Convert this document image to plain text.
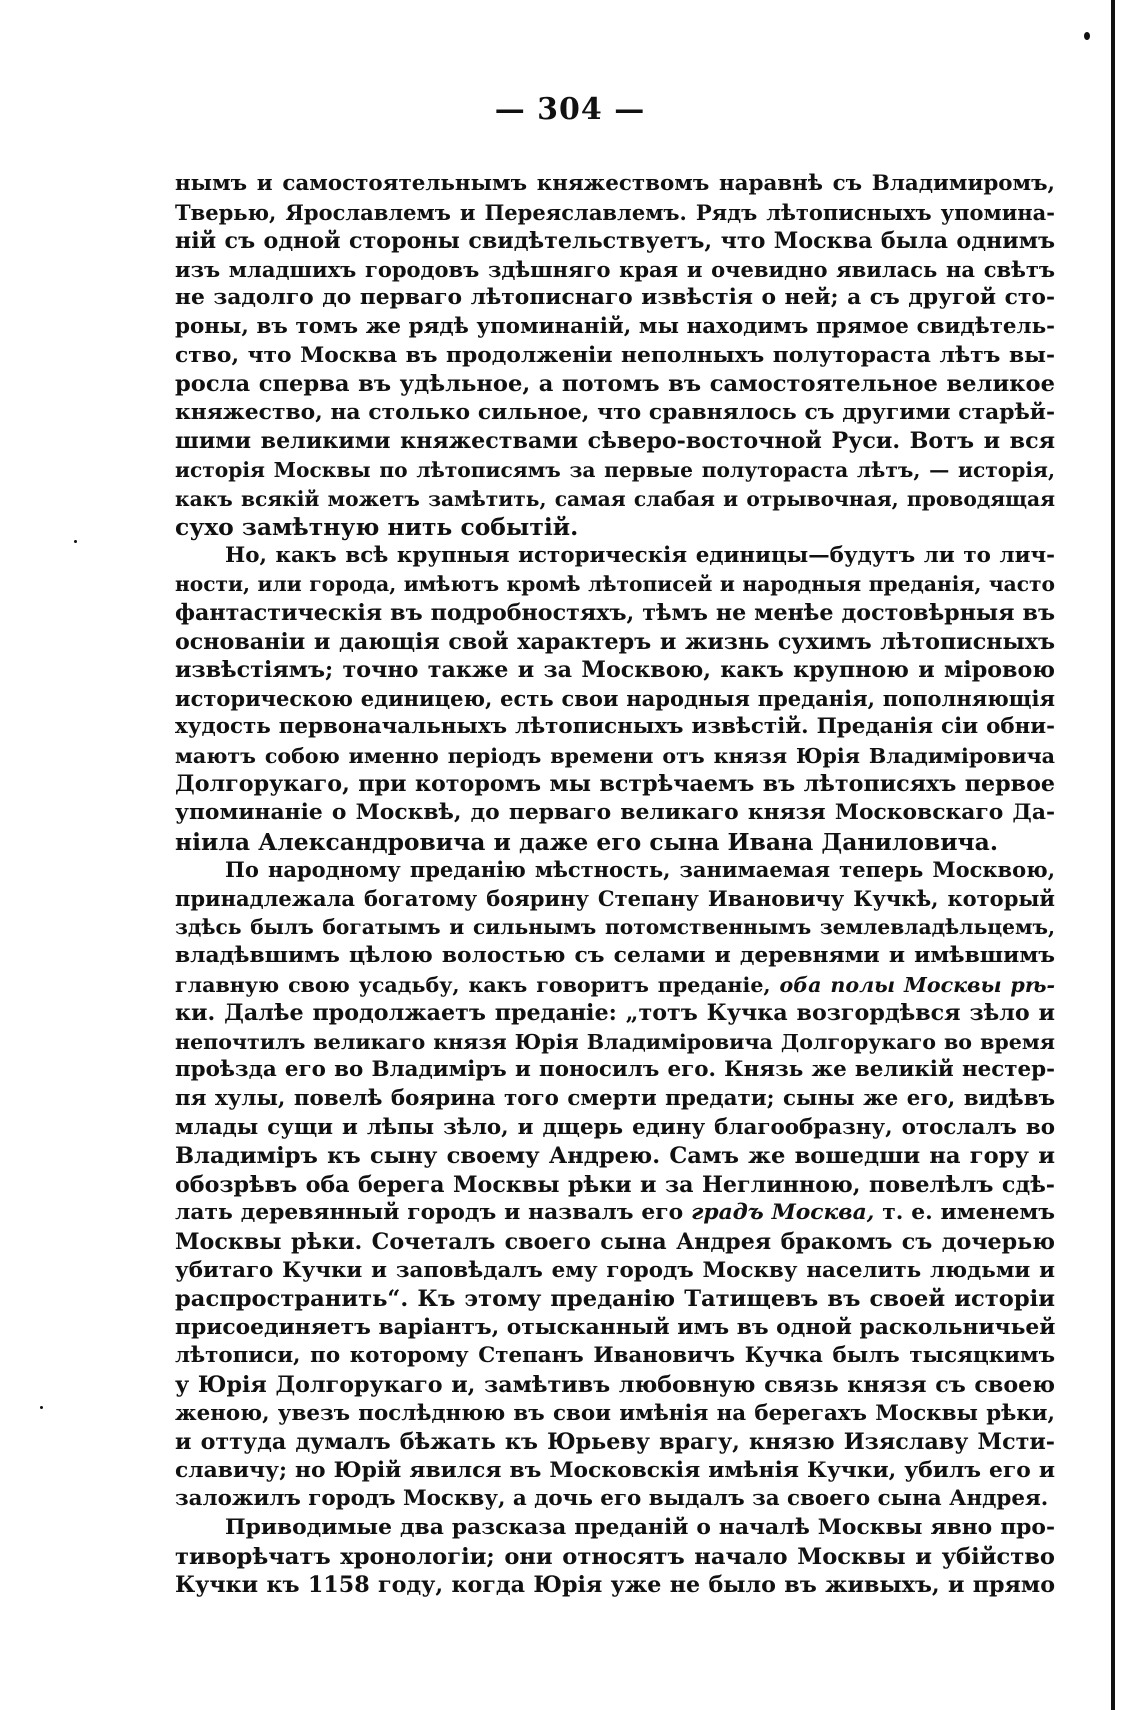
— 304 —
нымъ и самостоятельнымъ княжествомъ наравнѣ съ Владимиромъ,
Тверью, Ярославлемъ и Переяславлемъ. Рядъ лѣтописныхъ упомина-
ній съ одной стороны свидѣтельствуетъ, что Москва была однимъ
изъ младшихъ городовъ здѣшняго края и очевидно явилась на свѣтъ
не задолго до перваго лѣтописнаго извѣстія о ней; а съ другой сто-
роны, въ томъ же рядѣ упоминаній, мы находимъ прямое свидѣтель-
ство, что Москва въ продолженіи неполныхъ полутораста лѣтъ вы-
росла сперва въ удѣльное, а потомъ въ самостоятельное великое
княжество, на столько сильное, что сравнялось съ другими старѣй-
шими великими княжествами сѣверо-восточной Руси. Вотъ и вся
исторія Москвы по лѣтописямъ за первые полутораста лѣтъ, — исторія,
какъ всякій можетъ замѣтить, самая слабая и отрывочная, проводящая
сухо замѣтную нить событій.
Но, какъ всѣ крупныя историческія единицы—будутъ ли то лич-
ности, или города, имѣютъ кромѣ лѣтописей и народныя преданія, часто
фантастическія въ подробностяхъ, тѣмъ не менѣе достовѣрныя въ
основаніи и дающія свой характеръ и жизнь сухимъ лѣтописныхъ
извѣстіямъ; точно также и за Москвою, какъ крупною и міровою
историческою единицею, есть свои народныя преданія, пополняющія
худость первоначальныхъ лѣтописныхъ извѣстій. Преданія сіи обни-
маютъ собою именно періодъ времени отъ князя Юрія Владиміровича
Долгорукаго, при которомъ мы встрѣчаемъ въ лѣтописяхъ первое
упоминаніе о Москвѣ, до перваго великаго князя Московскаго Да-
ніила Александровича и даже его сына Ивана Даниловича.
По народному преданію мѣстность, занимаемая теперь Москвою,
принадлежала богатому боярину Степану Ивановичу Кучкѣ, который
здѣсь былъ богатымъ и сильнымъ потомственнымъ землевладѣльцемъ,
владѣвшимъ цѣлою волостью съ селами и деревнями и имѣвшимъ
главную свою усадьбу, какъ говоритъ преданіе, оба полы Москвы рѣ-
ки. Далѣе продолжаетъ преданіе: „тотъ Кучка возгордѣвся зѣло и
непочтилъ великаго князя Юрія Владиміровича Долгорукаго во время
проѣзда его во Владиміръ и поносилъ его. Князь же великій нестер-
пя хулы, повелѣ боярина того смерти предати; сыны же его, видѣвъ
млады сущи и лѣпы зѣло, и дщерь едину благообразну, отослалъ во
Владиміръ къ сыну своему Андрею. Самъ же вошедши на гору и
обозрѣвъ оба берега Москвы рѣки и за Неглинною, повелѣлъ сдѣ-
лать деревянный городъ и назвалъ его градъ Москва, т. е. именемъ
Москвы рѣки. Сочеталъ своего сына Андрея бракомъ съ дочерью
убитаго Кучки и заповѣдалъ ему городъ Москву населить людьми и
распространить“. Къ этому преданію Татищевъ въ своей исторіи
присоединяетъ варіантъ, отысканный имъ въ одной раскольничьей
лѣтописи, по которому Степанъ Ивановичъ Кучка былъ тысяцкимъ
у Юрія Долгорукаго и, замѣтивъ любовную связь князя съ своею
женою, увезъ послѣднюю въ свои имѣнія на берегахъ Москвы рѣки,
и оттуда думалъ бѣжать къ Юрьеву врагу, князю Изяславу Мсти-
славичу; но Юрій явился въ Московскія имѣнія Кучки, убилъ его и
заложилъ городъ Москву, а дочь его выдалъ за своего сына Андрея.
Приводимые два разсказа преданій о началѣ Москвы явно про-
тиворѣчатъ хронологіи; они относятъ начало Москвы и убійство
Кучки къ 1158 году, когда Юрія уже не было въ живыхъ, и прямо
